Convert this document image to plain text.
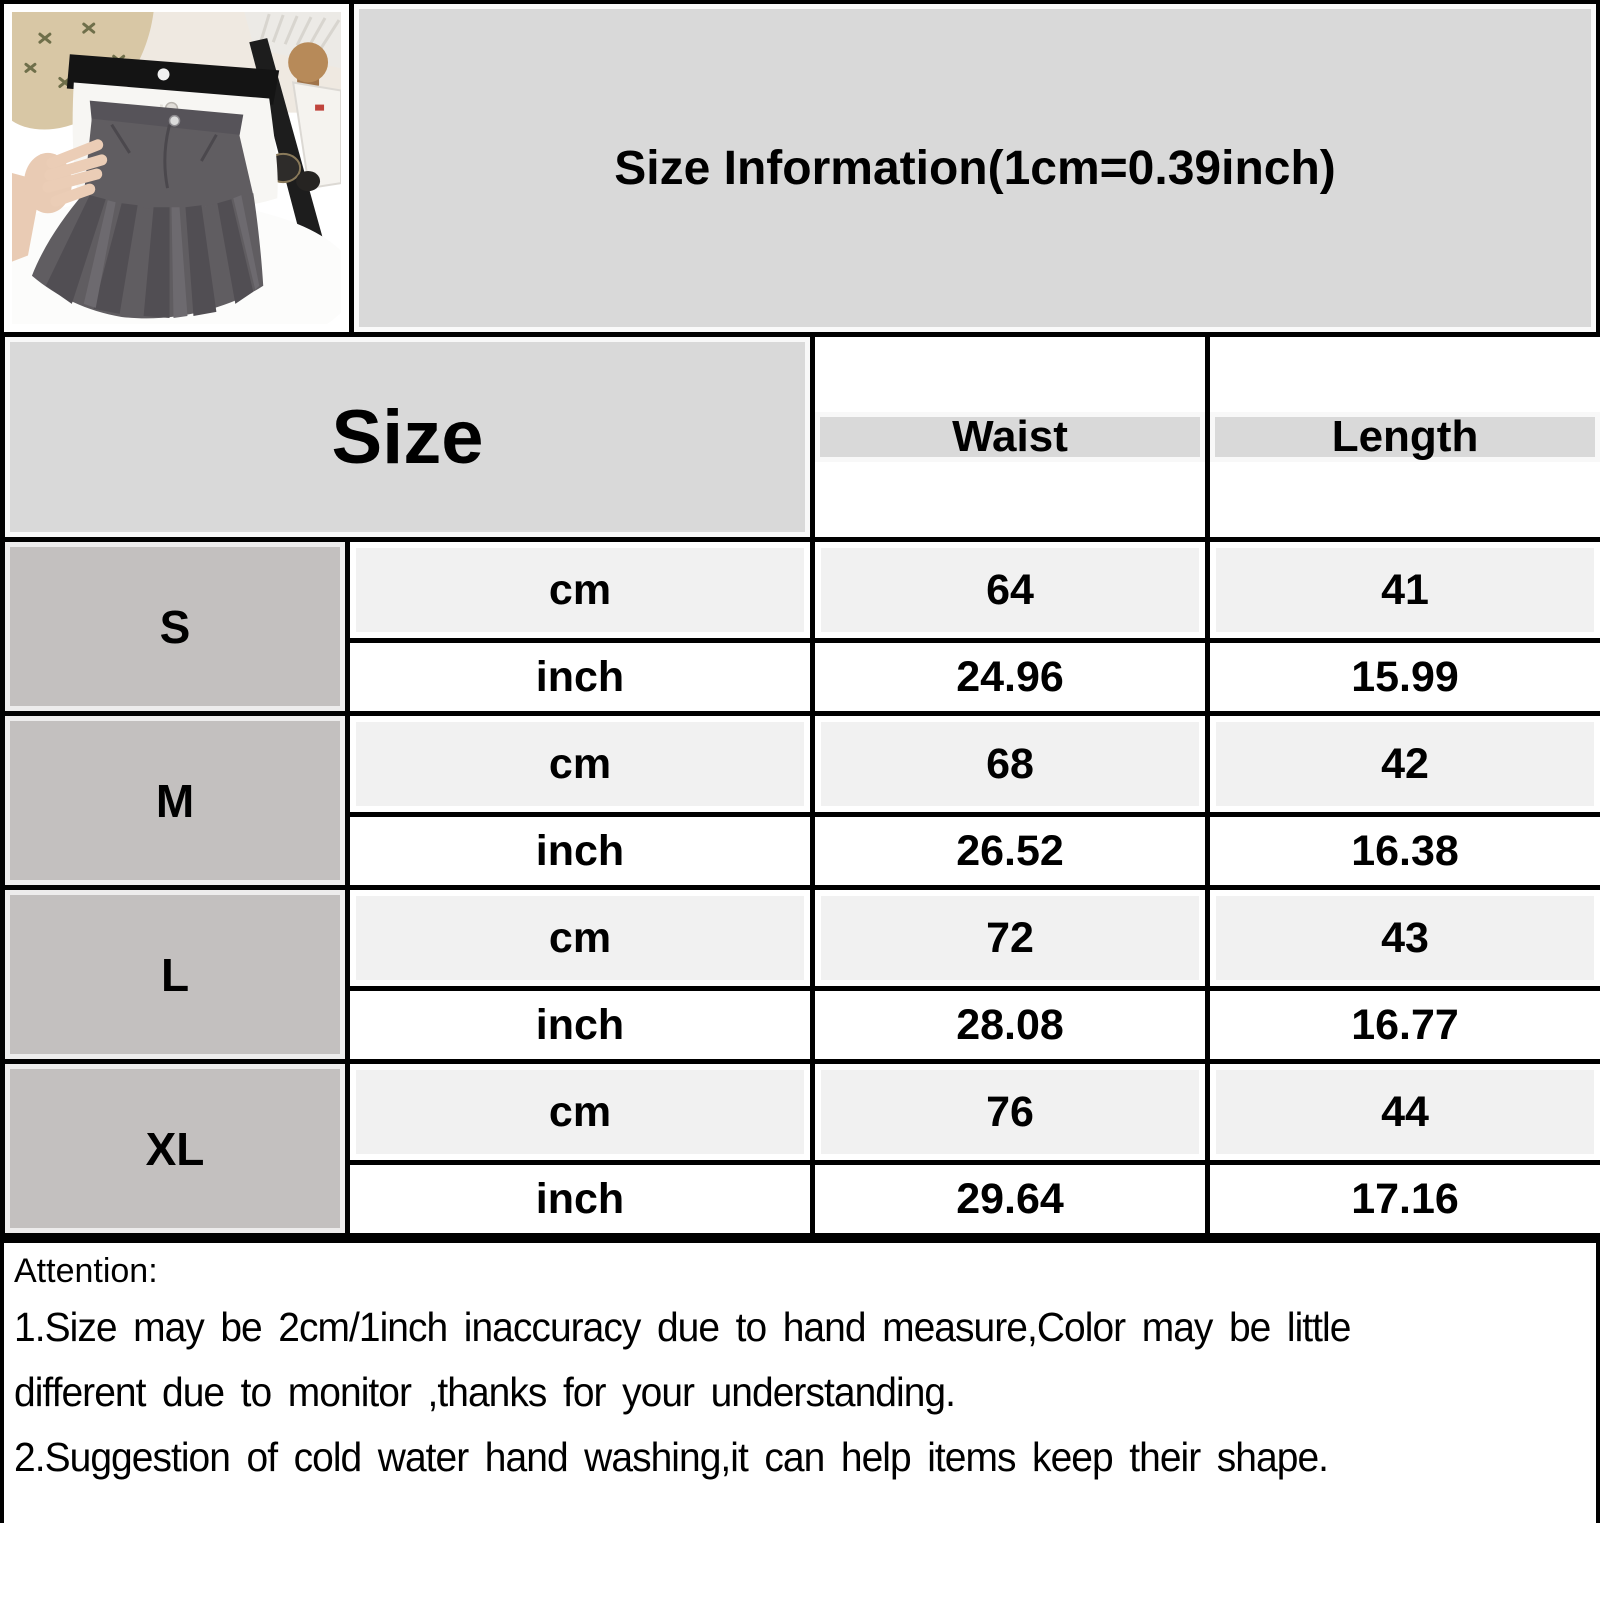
Size Information(1cm=0.39inch)
Size		Waist	Length

S	cm	64	41

inch	24.96	15.99

M	cm	68	42

inch	26.52	16.38

L	cm	72	43

inch	28.08	16.77

XL	cm	76	44

inch	29.64	17.16
Attention:
1.Size may be 2cm/1inch inaccuracy due to hand measure,Color may be little
different due to monitor ,thanks for your understanding.
2.Suggestion of cold water hand washing,it can help items keep their shape.
